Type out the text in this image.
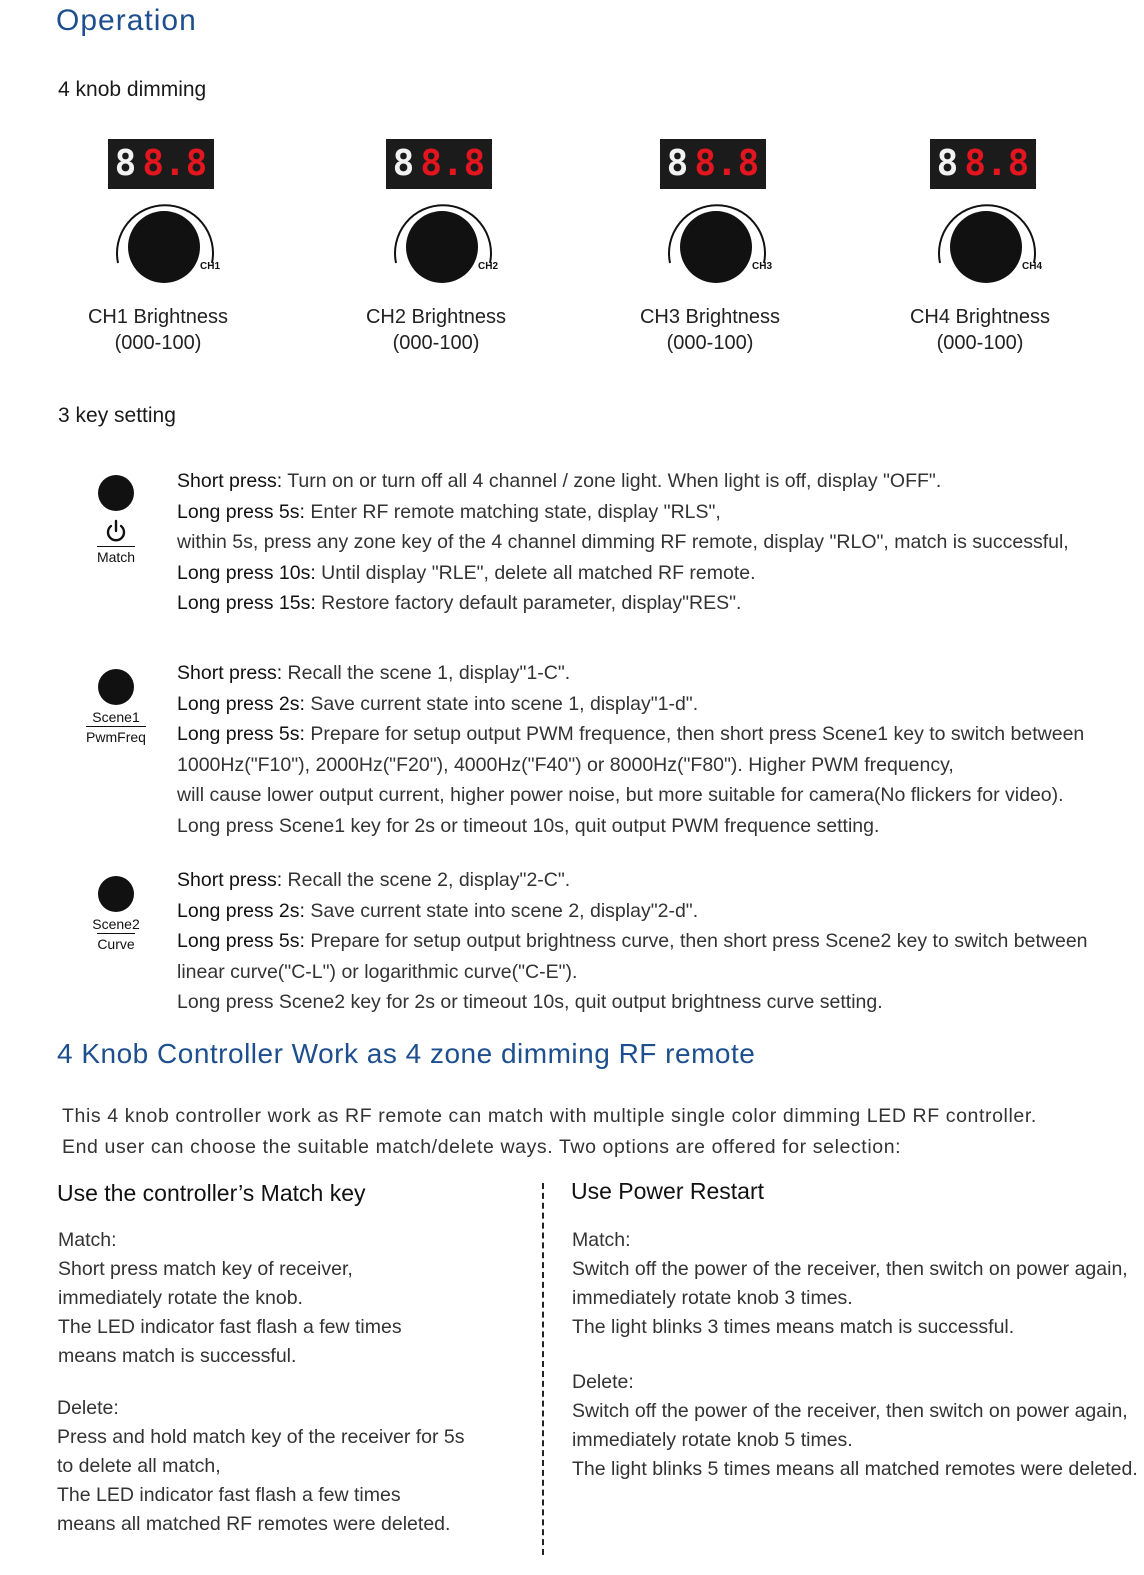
Operation
4 knob dimming
8 8.8
CH1
CH1 Brightness
(000-100)
8 8.8
CH2
CH2 Brightness
(000-100)
8 8.8
CH3
CH3 Brightness
(000-100)
8 8.8
CH4
CH4 Brightness
(000-100)
3 key setting
Match
Short press: Turn on or turn off all 4 channel / zone light. When light is off, display "OFF".
Long press 5s: Enter RF remote matching state, display "RLS",
within 5s, press any zone key of the 4 channel dimming RF remote, display "RLO", match is successful,
Long press 10s: Until display "RLE", delete all matched RF remote.
Long press 15s: Restore factory default parameter, display"RES".
Scene1
PwmFreq
Short press: Recall the scene 1, display"1-C".
Long press 2s: Save current state into scene 1, display"1-d".
Long press 5s: Prepare for setup output PWM frequence, then short press Scene1 key to switch between
1000Hz("F10"), 2000Hz("F20"), 4000Hz("F40") or 8000Hz("F80"). Higher PWM frequency,
will cause lower output current, higher power noise, but more suitable for camera(No flickers for video).
Long press Scene1 key for 2s or timeout 10s, quit output PWM frequence setting.
Scene2
Curve
Short press: Recall the scene 2, display"2-C".
Long press 2s: Save current state into scene 2, display"2-d".
Long press 5s: Prepare for setup output brightness curve, then short press Scene2 key to switch between
linear curve("C-L") or logarithmic curve("C-E").
Long press Scene2 key for 2s or timeout 10s, quit output brightness curve setting.
4 Knob Controller Work as 4 zone dimming RF remote
This 4 knob controller work as RF remote can match with multiple single color dimming LED RF controller.
End user can choose the suitable match/delete ways. Two options are offered for selection:
Use the controller’s Match key	Use Power Restart
Match:
Short press match key of receiver,
immediately rotate the knob.
The LED indicator fast flash a few times
means match is successful.
Delete:
Press and hold match key of the receiver for 5s
to delete all match,
The LED indicator fast flash a few times
means all matched RF remotes were deleted.
Match:
Switch off the power of the receiver, then switch on power again,
immediately rotate knob 3 times.
The light blinks 3 times means match is successful.
Delete:
Switch off the power of the receiver, then switch on power again,
immediately rotate knob 5 times.
The light blinks 5 times means all matched remotes were deleted.
